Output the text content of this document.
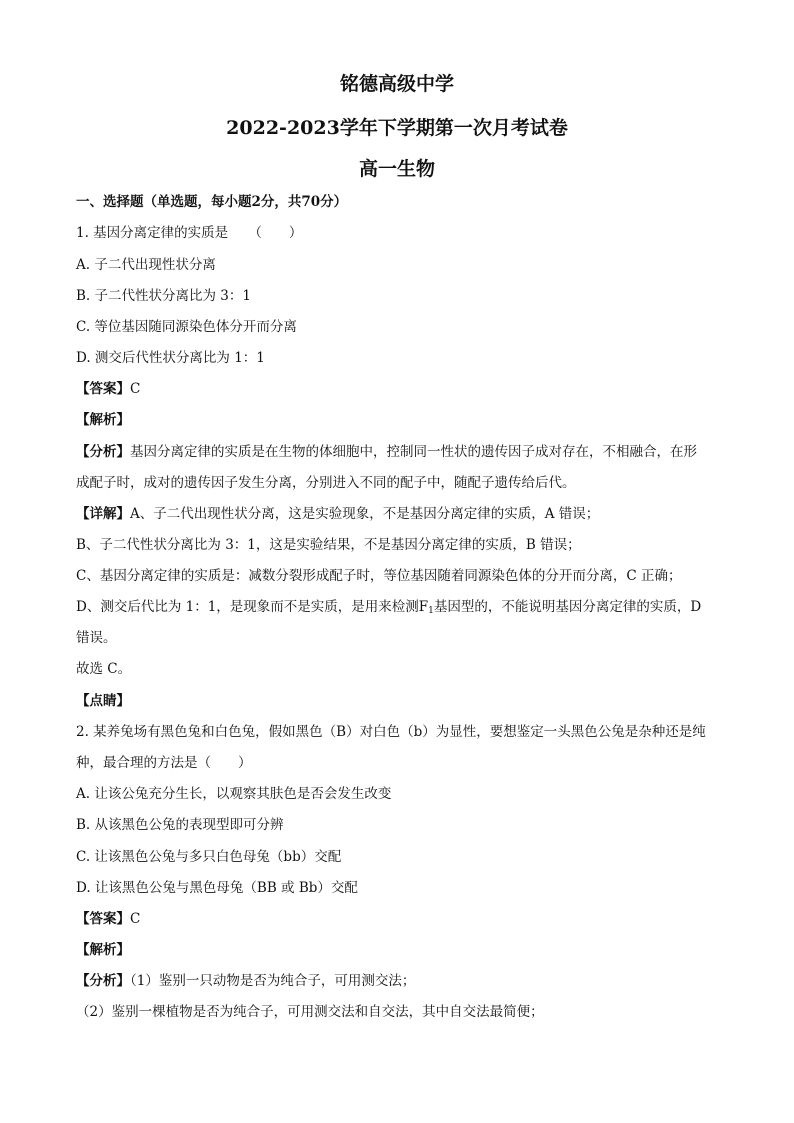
铭德高级中学
2022-2023学年下学期第一次月考试卷
高一生物
一、选择题（单选题，每小题2分，共70分）
1. 基因分离定律的实质是　　（　　）
A. 子二代出现性状分离
B. 子二代性状分离比为 3：1
C. 等位基因随同源染色体分开而分离
D. 测交后代性状分离比为 1：1
【答案】C
【解析】
【分析】基因分离定律的实质是在生物的体细胞中，控制同一性状的遗传因子成对存在，不相融合，在形
成配子时，成对的遗传因子发生分离，分别进入不同的配子中，随配子遗传给后代。
【详解】A、子二代出现性状分离，这是实验现象，不是基因分离定律的实质，A 错误；
B、子二代性状分离比为 3：1，这是实验结果，不是基因分离定律的实质，B 错误；
C、基因分离定律的实质是：减数分裂形成配子时，等位基因随着同源染色体的分开而分离，C 正确；
D、测交后代比为 1：1，是现象而不是实质，是用来检测$F_1$基因型的，不能说明基因分离定律的实质，D
错误。
故选 C。
【点睛】
2. 某养兔场有黑色兔和白色兔，假如黑色（B）对白色（b）为显性，要想鉴定一头黑色公兔是杂种还是纯
种，最合理的方法是（　　）
A. 让该公兔充分生长，以观察其肤色是否会发生改变
B. 从该黑色公兔的表现型即可分辨
C. 让该黑色公兔与多只白色母兔（bb）交配
D. 让该黑色公兔与黑色母兔（BB 或 Bb）交配
【答案】C
【解析】
【分析】（1）鉴别一只动物是否为纯合子，可用测交法；
（2）鉴别一棵植物是否为纯合子，可用测交法和自交法，其中自交法最简便；
